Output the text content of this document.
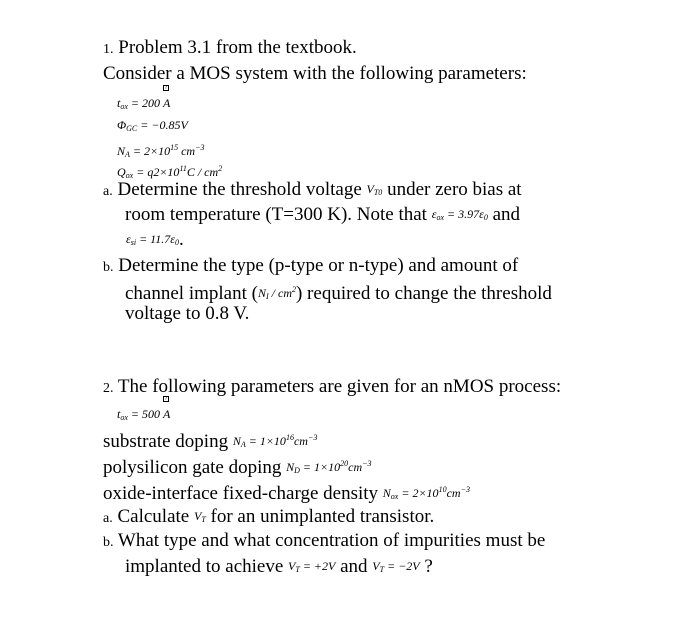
1. Problem 3.1 from the textbook.
Consider a MOS system with the following parameters:
$t_{ox} = 200$
?
A
$\Phi_{GC} = -0.85V$
$N_A = 2\times 10^{15}$ $cm^{-3}$
$Q_{ox} = q2\times 10^{11}C / cm^2$
a. Determine the threshold voltage $V_{T0}$ under zero bias at
room temperature (T=300 K). Note that $\varepsilon_{ox} = 3.97\varepsilon_0$ and
$\varepsilon_{si} = 11.7\varepsilon_0$.
b. Determine the type (p-type or n-type) and amount of
channel implant $(N_I / cm^2)$ required to change the threshold
voltage to 0.8 V.
2. The following parameters are given for an nMOS process:
$t_{ox} = 500$
?
A
substrate doping $N_A = 1\times 10^{16}cm^{-3}$
polysilicon gate doping $N_D = 1\times 10^{20}cm^{-3}$
oxide-interface fixed-charge density $N_{ox} = 2\times 10^{10}cm^{-3}$
a. Calculate $V_T$ for an unimplanted transistor.
b. What type and what concentration of impurities must be
implanted to achieve $V_T = +2V$ and $V_T = -2V$ ?
